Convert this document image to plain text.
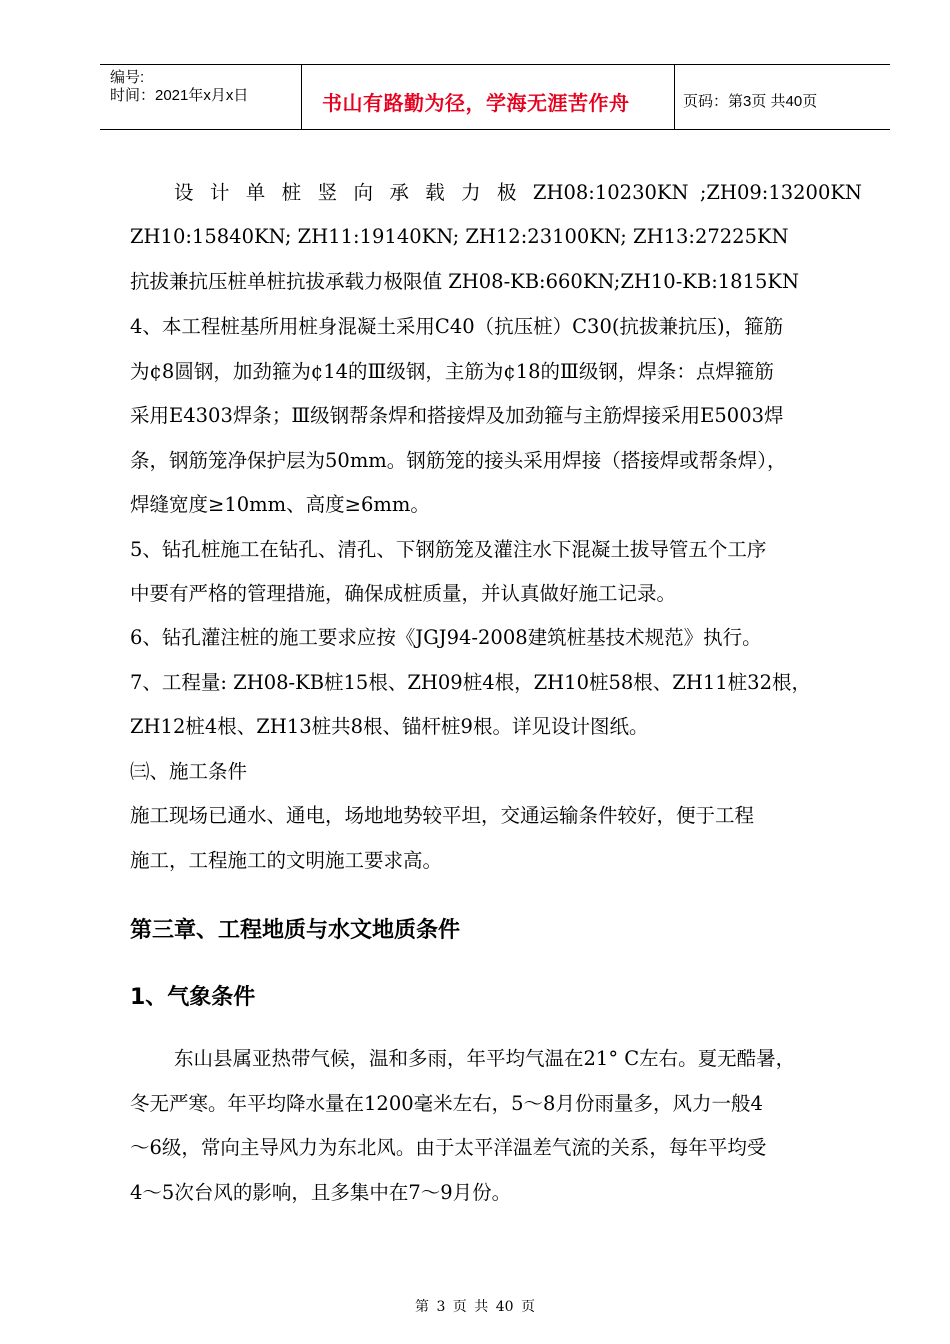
编号:
时间：2021年x月x日	书山有路勤为径，学海无涯苦作舟	页码：第3页 共40页
设 计 单 桩 竖 向 承 载 力 极 ZH08:10230KN ;ZH09:13200KN
ZH10:15840KN; ZH11:19140KN; ZH12:23100KN; ZH13:27225KN
抗拔兼抗压桩单桩抗拔承载力极限值 ZH08-KB:660KN;ZH10-KB:1815KN
4、本工程桩基所用桩身混凝土采用C40（抗压桩）C30(抗拔兼抗压)，箍筋
为¢8圆钢，加劲箍为¢14的Ⅲ级钢，主筋为¢18的Ⅲ级钢，焊条：点焊箍筋
采用E4303焊条；Ⅲ级钢帮条焊和搭接焊及加劲箍与主筋焊接采用E5003焊
条，钢筋笼净保护层为50mm。钢筋笼的接头采用焊接（搭接焊或帮条焊），
焊缝宽度≥10mm、高度≥6mm。
5、钻孔桩施工在钻孔、清孔、下钢筋笼及灌注水下混凝土拔导管五个工序
中要有严格的管理措施，确保成桩质量，并认真做好施工记录。
6、钻孔灌注桩的施工要求应按《JGJ94-2008建筑桩基技术规范》执行。
7、工程量: ZH08-KB桩15根、ZH09桩4根，ZH10桩58根、ZH11桩32根，
ZH12桩4根、ZH13桩共8根、锚杆桩9根。详见设计图纸。
㈢、施工条件
施工现场已通水、通电，场地地势较平坦，交通运输条件较好，便于工程
施工，工程施工的文明施工要求高。
第三章、工程地质与水文地质条件
1、气象条件
东山县属亚热带气候，温和多雨，年平均气温在21° C左右。夏无酷暑，
冬无严寒。年平均降水量在1200毫米左右，5～8月份雨量多，风力一般4
～6级，常向主导风力为东北风。由于太平洋温差气流的关系，每年平均受
4～5次台风的影响，且多集中在7～9月份。
第 3 页 共 40 页
